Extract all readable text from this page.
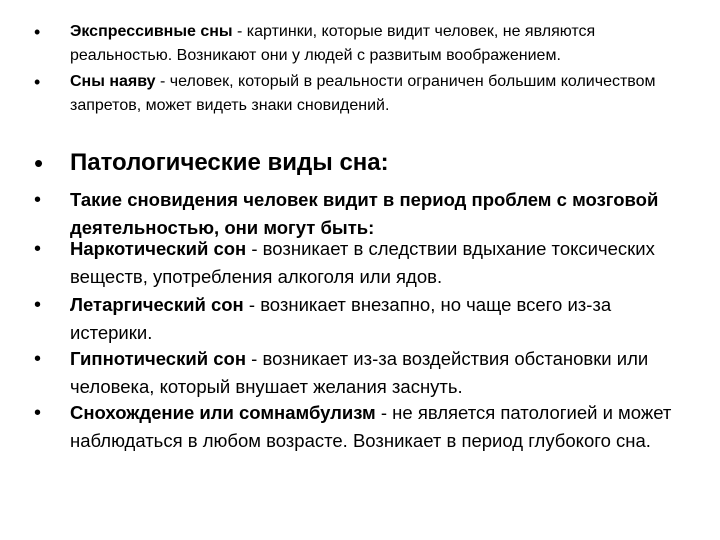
• Экспрессивные сны - картинки, которые видит человек, не являются реальностью. Возникают они у людей с развитым воображением.
• Сны наяву - человек, который в реальности ограничен большим количеством запретов, может видеть знаки сновидений.
• Патологические виды сна:
• Такие сновидения человек видит в период проблем с мозговой деятельностью, они могут быть:
• Наркотический сон - возникает в следствии вдыхание токсических веществ, употребления алкоголя или ядов.
• Летаргический сон - возникает внезапно, но чаще всего из-за истерики.
• Гипнотический сон - возникает из-за воздействия обстановки или человека, который внушает желания заснуть.
• Снохождение или сомнамбулизм - не является патологией и может наблюдаться в любом возрасте. Возникает в период глубокого сна.
